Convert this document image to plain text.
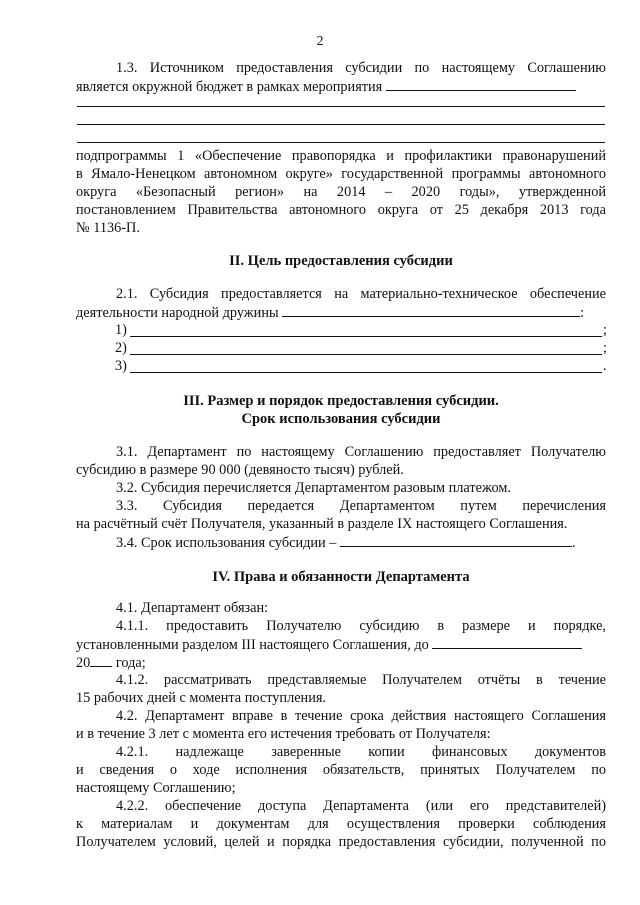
2
1.3. Источником предоставления субсидии по настоящему Соглашению
является окружной бюджет в рамках мероприятия
подпрограммы 1 «Обеспечение правопорядка и профилактики правонарушений
в Ямало-Ненецком автономном округе» государственной программы автономного
округа «Безопасный регион» на 2014 – 2020 годы», утвержденной
постановлением Правительства автономного округа от 25 декабря 2013 года
№ 1136-П.
II. Цель предоставления субсидии
2.1. Субсидия предоставляется на материально-техническое обеспечение
деятельности народной дружины	:
1)	;
2)	;
3)	.
III. Размер и порядок предоставления субсидии.
Срок использования субсидии
3.1. Департамент по настоящему Соглашению предоставляет Получателю
субсидию в размере 90 000 (девяносто тысяч) рублей.
3.2. Субсидия перечисляется Департаментом разовым платежом.
3.3. Субсидия передается Департаментом путем перечисления
на расчётный счёт Получателя, указанный в разделе IX настоящего Соглашения.
3.4. Срок использования субсидии –	.
IV. Права и обязанности Департамента
4.1. Департамент обязан:
4.1.1. предоставить Получателю субсидию в размере и порядке,
установленными разделом III настоящего Соглашения, до
20 года;
4.1.2. рассматривать представляемые Получателем отчёты в течение
15 рабочих дней с момента поступления.
4.2. Департамент вправе в течение срока действия настоящего Соглашения
и в течение 3 лет с момента его истечения требовать от Получателя:
4.2.1. надлежаще заверенные копии финансовых документов
и сведения о ходе исполнения обязательств, принятых Получателем по
настоящему Соглашению;
4.2.2. обеспечение доступа Департамента (или его представителей)
к материалам и документам для осуществления проверки соблюдения
Получателем условий, целей и порядка предоставления субсидии, полученной по
